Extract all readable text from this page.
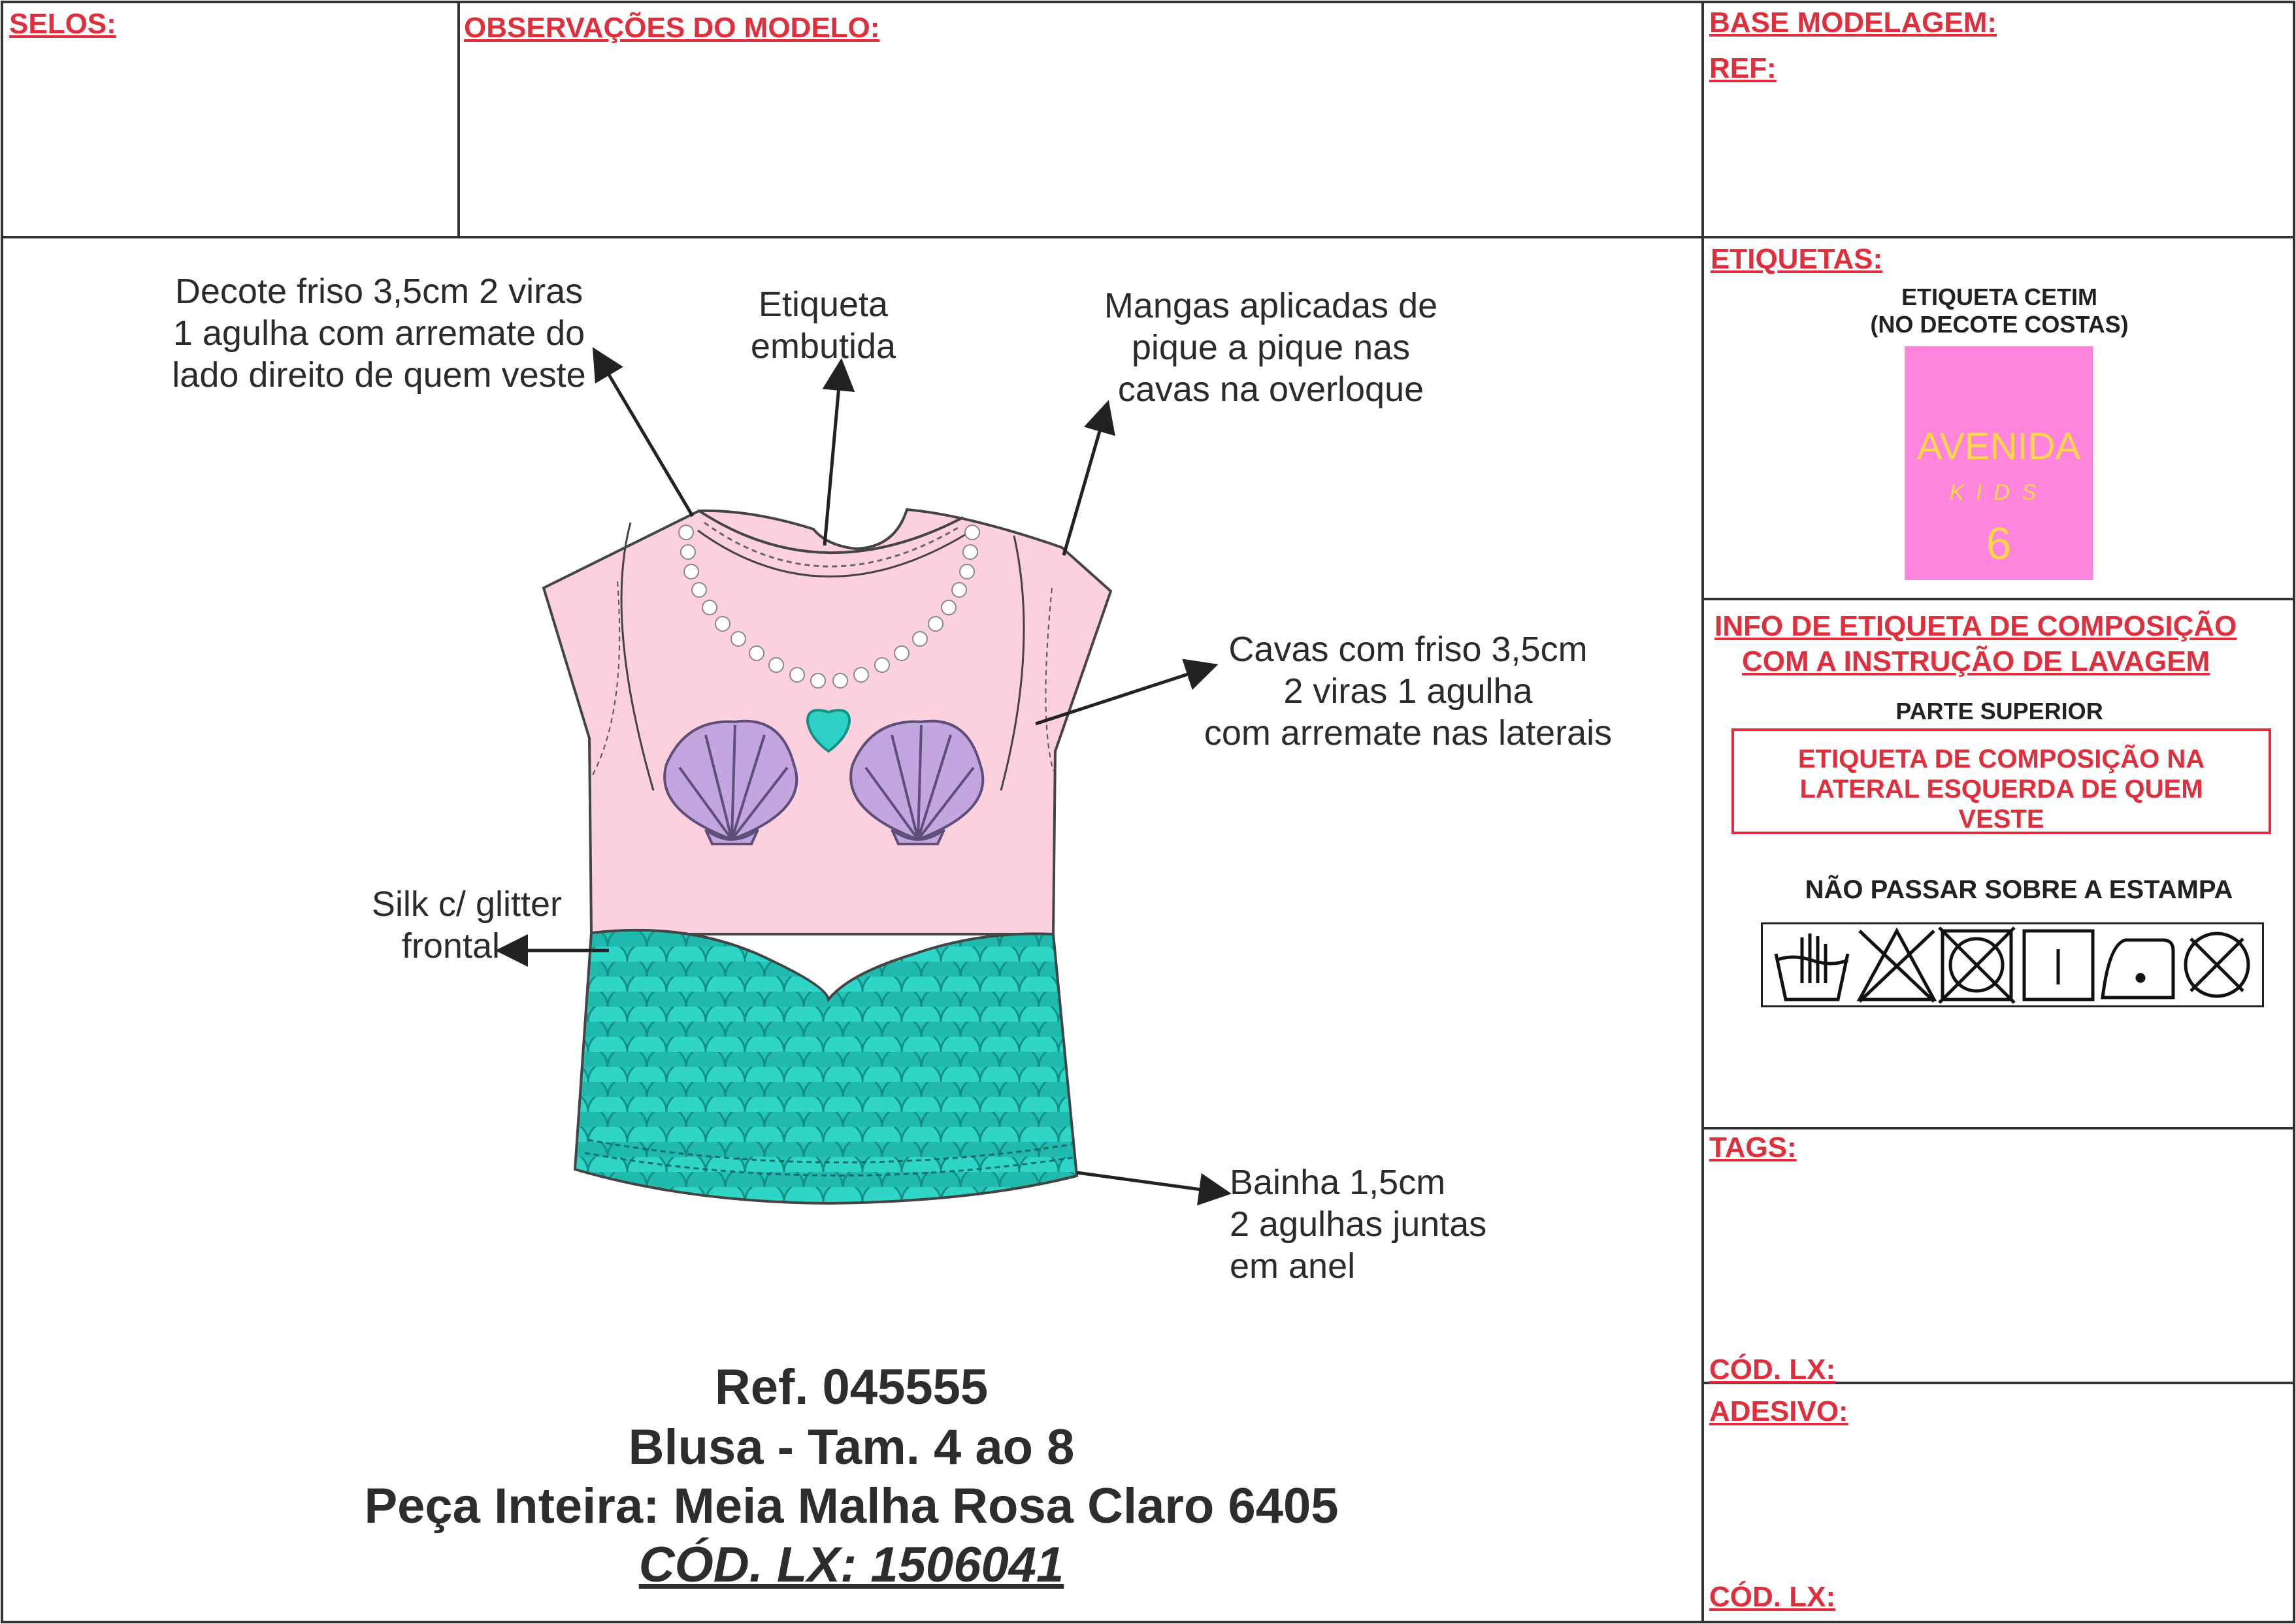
SELOS:	OBSERVAÇÕES DO MODELO:	BASE MODELAGEM:
REF:
Decote friso 3,5cm 2 viras
1 agulha com arremate do
lado direito de quem veste
Etiqueta
embutida
Mangas aplicadas de
pique a pique nas
cavas na overloque
Cavas com friso 3,5cm
2 viras 1 agulha
com arremate nas laterais
Silk c/ glitter
frontal
Bainha 1,5cm
2 agulhas juntas
em anel
Ref. 045555
Blusa - Tam. 4 ao 8
Peça Inteira: Meia Malha Rosa Claro 6405
CÓD. LX: 1506041
ETIQUETAS:
ETIQUETA CETIM
(NO DECOTE COSTAS)
AVENIDA
KIDS
6
INFO DE ETIQUETA DE COMPOSIÇÃO
COM A INSTRUÇÃO DE LAVAGEM
PARTE SUPERIOR
ETIQUETA DE COMPOSIÇÃO NA
LATERAL ESQUERDA DE QUEM
VESTE
NÃO PASSAR SOBRE A ESTAMPA
TAGS:
CÓD. LX:
ADESIVO:
CÓD. LX:
